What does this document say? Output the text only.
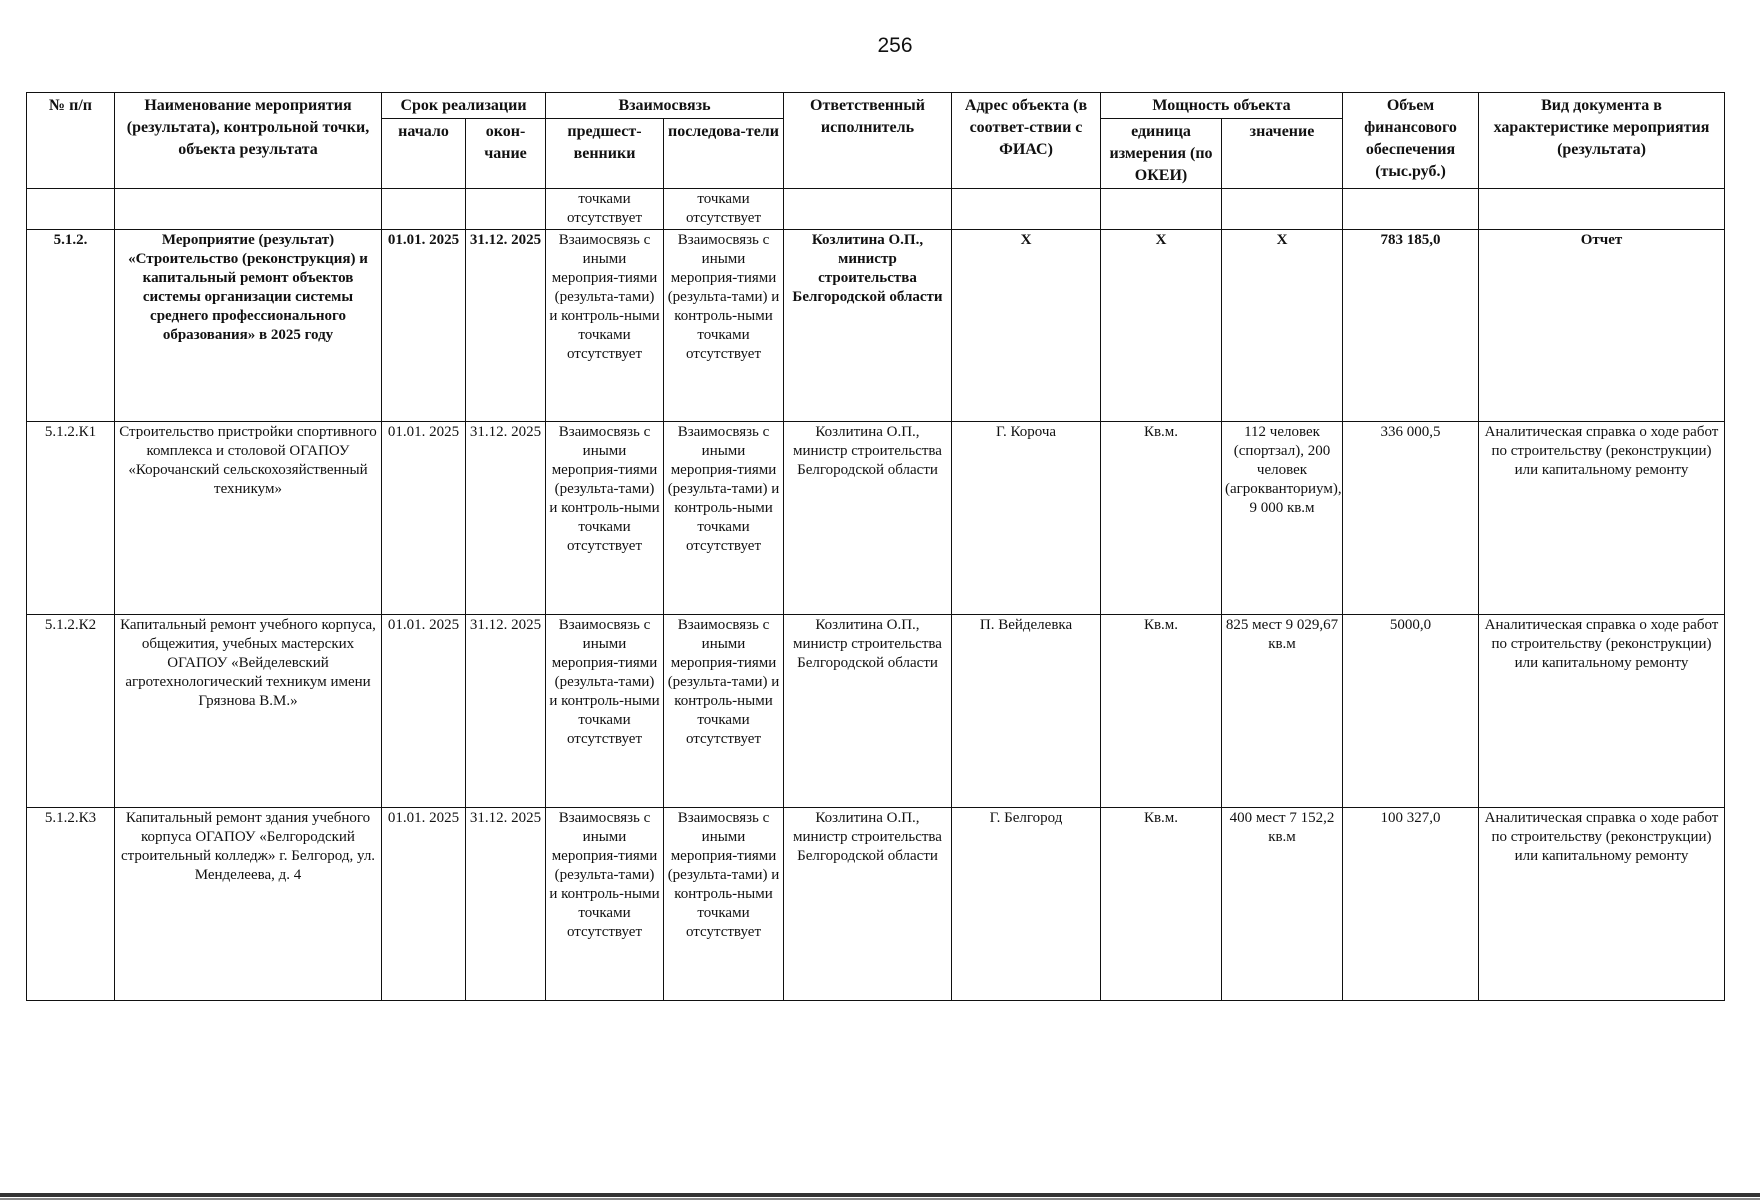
256
№ п/п	Наименование мероприятия (результата), контрольной точки, объекта результата	Срок реализации		Взаимосвязь		Ответственный исполнитель	Адрес объекта (в соответ-ствии с ФИАС)	Мощность объекта		Объем финансового обеспечения (тыс.руб.)	Вид документа в характеристике мероприятия (результата)
		начало	окон-чание	предшест-венники	последова-тели			единица измерения (по ОКЕИ)	значение		
				точками отсутствует	точками отсутствует						
5.1.2.	Мероприятие (результат) «Строительство (реконструкция) и капитальный ремонт объектов системы организации системы среднего профессионального образования» в 2025 году	01.01. 2025	31.12. 2025	Взаимосвязь с иными мероприя-тиями (результа-тами) и контроль-ными точками отсутствует	Взаимосвязь с иными мероприя-тиями (результа-тами) и контроль-ными точками отсутствует	Козлитина О.П., министр строительства Белгородской области	Х	Х	Х	783 185,0	Отчет
5.1.2.К1	Строительство пристройки спортивного комплекса и столовой ОГАПОУ «Корочанский сельскохозяйственный техникум»	01.01. 2025	31.12. 2025	Взаимосвязь с иными мероприя-тиями (результа-тами) и контроль-ными точками отсутствует	Взаимосвязь с иными мероприя-тиями (результа-тами) и контроль-ными точками отсутствует	Козлитина О.П., министр строительства Белгородской области	Г. Короча	Кв.м.	112 человек (спортзал), 200 человек (агрокванториум), 9 000 кв.м	336 000,5	Аналитическая справка о ходе работ по строительству (реконструкции) или капитальному ремонту
5.1.2.К2	Капитальный ремонт учебного корпуса, общежития, учебных мастерских ОГАПОУ «Вейделевский агротехнологический техникум имени Грязнова В.М.»	01.01. 2025	31.12. 2025	Взаимосвязь с иными мероприя-тиями (результа-тами) и контроль-ными точками отсутствует	Взаимосвязь с иными мероприя-тиями (результа-тами) и контроль-ными точками отсутствует	Козлитина О.П., министр строительства Белгородской области	П. Вейделевка	Кв.м.	825 мест 9 029,67 кв.м	5000,0	Аналитическая справка о ходе работ по строительству (реконструкции) или капитальному ремонту
5.1.2.К3	Капитальный ремонт здания учебного корпуса ОГАПОУ «Белгородский строительный колледж» г. Белгород, ул. Менделеева, д. 4	01.01. 2025	31.12. 2025	Взаимосвязь с иными мероприя-тиями (результа-тами) и контроль-ными точками отсутствует	Взаимосвязь с иными мероприя-тиями (результа-тами) и контроль-ными точками отсутствует	Козлитина О.П., министр строительства Белгородской области	Г. Белгород	Кв.м.	400 мест 7 152,2 кв.м	100 327,0	Аналитическая справка о ходе работ по строительству (реконструкции) или капитальному ремонту
